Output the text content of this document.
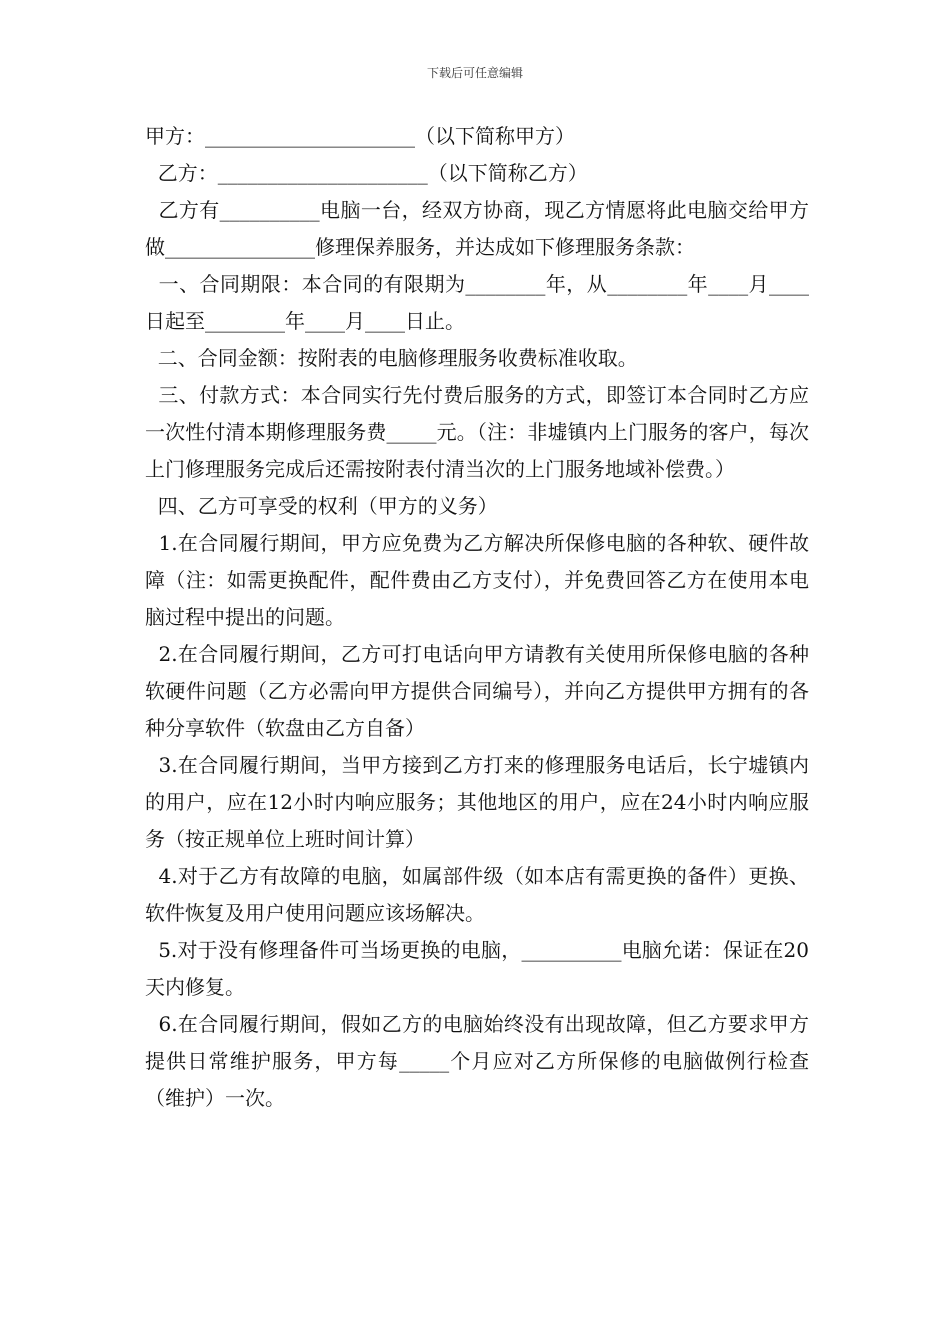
下载后可任意编辑

甲方：_____________________（以下简称甲方）

乙方：_____________________（以下简称乙方）

乙方有__________电脑一台，经双方协商，现乙方情愿将此电脑交给甲方做_______________修理保养服务，并达成如下修理服务条款：

一、合同期限：本合同的有限期为________年，从________年____月____日起至________年____月____日止。

二、合同金额：按附表的电脑修理服务收费标准收取。

三、付款方式：本合同实行先付费后服务的方式，即签订本合同时乙方应一次性付清本期修理服务费_____元。（注：非墟镇内上门服务的客户，每次上门修理服务完成后还需按附表付清当次的上门服务地域补偿费。）

四、乙方可享受的权利（甲方的义务）

1.在合同履行期间，甲方应免费为乙方解决所保修电脑的各种软、硬件故障（注：如需更换配件，配件费由乙方支付），并免费回答乙方在使用本电脑过程中提出的问题。

2.在合同履行期间，乙方可打电话向甲方请教有关使用所保修电脑的各种软硬件问题（乙方必需向甲方提供合同编号），并向乙方提供甲方拥有的各种分享软件（软盘由乙方自备）

3.在合同履行期间，当甲方接到乙方打来的修理服务电话后，长宁墟镇内的用户，应在12小时内响应服务；其他地区的用户，应在24小时内响应服务（按正规单位上班时间计算）

4.对于乙方有故障的电脑，如属部件级（如本店有需更换的备件）更换、软件恢复及用户使用问题应该场解决。

5.对于没有修理备件可当场更换的电脑，__________电脑允诺：保证在20天内修复。

6.在合同履行期间，假如乙方的电脑始终没有出现故障，但乙方要求甲方提供日常维护服务，甲方每_____个月应对乙方所保修的电脑做例行检查（维护）一次。
